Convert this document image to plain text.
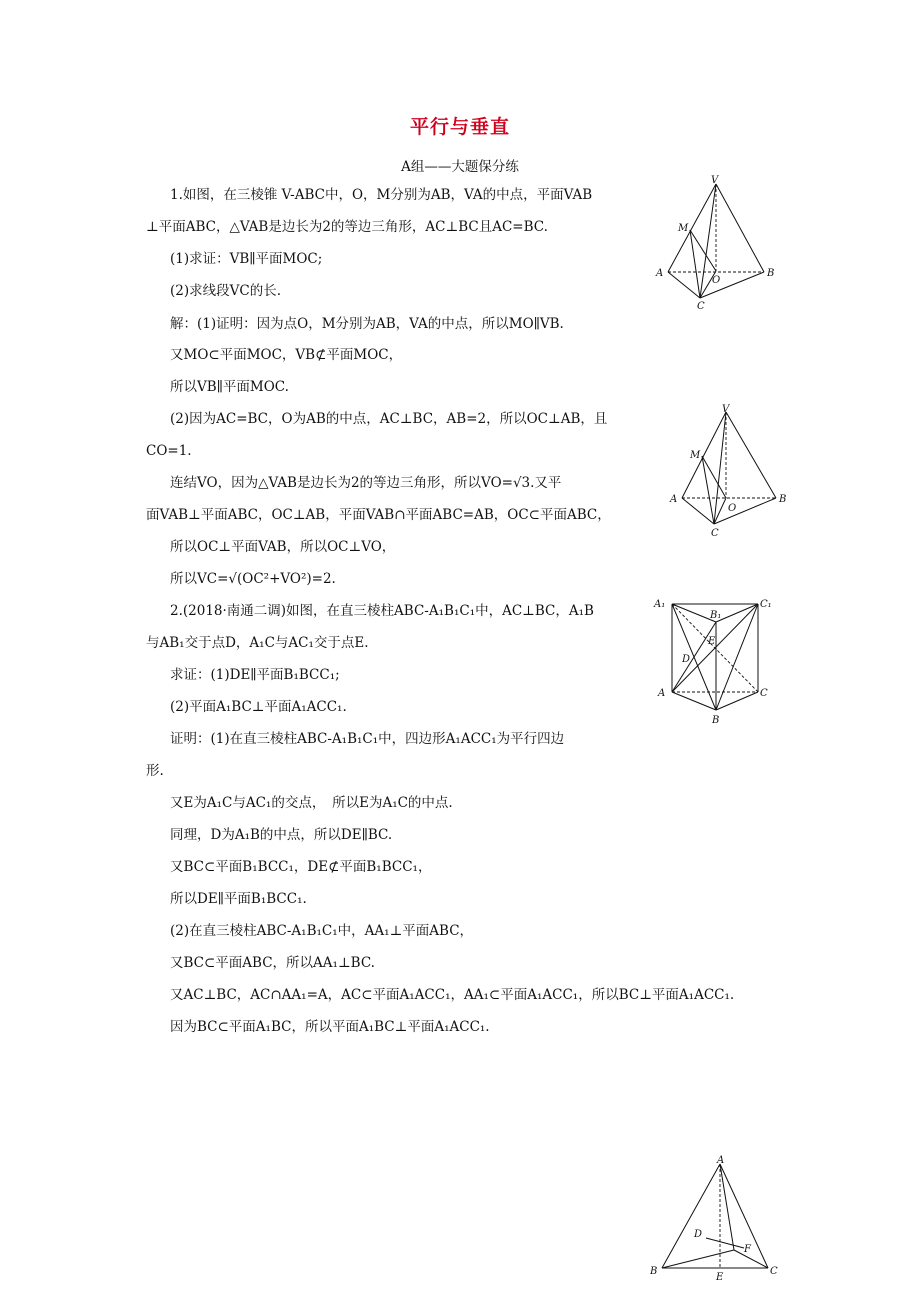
平行与垂直
A组——大题保分练
1.如图，在三棱锥 V-ABC中，O，M分别为AB，VA的中点，平面VAB
⊥平面ABC，△VAB是边长为2的等边三角形，AC⊥BC且AC=BC.
(1)求证：VB∥平面MOC;
(2)求线段VC的长.
解：(1)证明：因为点O，M分别为AB，VA的中点，所以MO∥VB.
又MO⊂平面MOC，VB⊄平面MOC，
所以VB∥平面MOC.
(2)因为AC=BC，O为AB的中点，AC⊥BC，AB=2，所以OC⊥AB，且
CO=1.
连结VO，因为△VAB是边长为2的等边三角形，所以VO=√3.又平
面VAB⊥平面ABC，OC⊥AB，平面VAB∩平面ABC=AB，OC⊂平面ABC，
所以OC⊥平面VAB，所以OC⊥VO，
所以VC=√(OC²+VO²)=2.
2.(2018·南通二调)如图，在直三棱柱ABC-A₁B₁C₁中，AC⊥BC，A₁B
与AB₁交于点D，A₁C与AC₁交于点E.
求证：(1)DE∥平面B₁BCC₁;
(2)平面A₁BC⊥平面A₁ACC₁.
证明：(1)在直三棱柱ABC-A₁B₁C₁中，四边形A₁ACC₁为平行四边
形.
又E为A₁C与AC₁的交点，　所以E为A₁C的中点.
同理，D为A₁B的中点，所以DE∥BC.
又BC⊂平面B₁BCC₁，DE⊄平面B₁BCC₁，
所以DE∥平面B₁BCC₁.
(2)在直三棱柱ABC-A₁B₁C₁中，AA₁⊥平面ABC，
又BC⊂平面ABC，所以AA₁⊥BC.
又AC⊥BC，AC∩AA₁=A，AC⊂平面A₁ACC₁，AA₁⊂平面A₁ACC₁，所以BC⊥平面A₁ACC₁.
因为BC⊂平面A₁BC，所以平面A₁BC⊥平面A₁ACC₁.
V
M
A
O
B
C
V
M
A
O
B
C
A₁
B₁
C₁
E
D
A	C
B
A
D
F
B
E
C
